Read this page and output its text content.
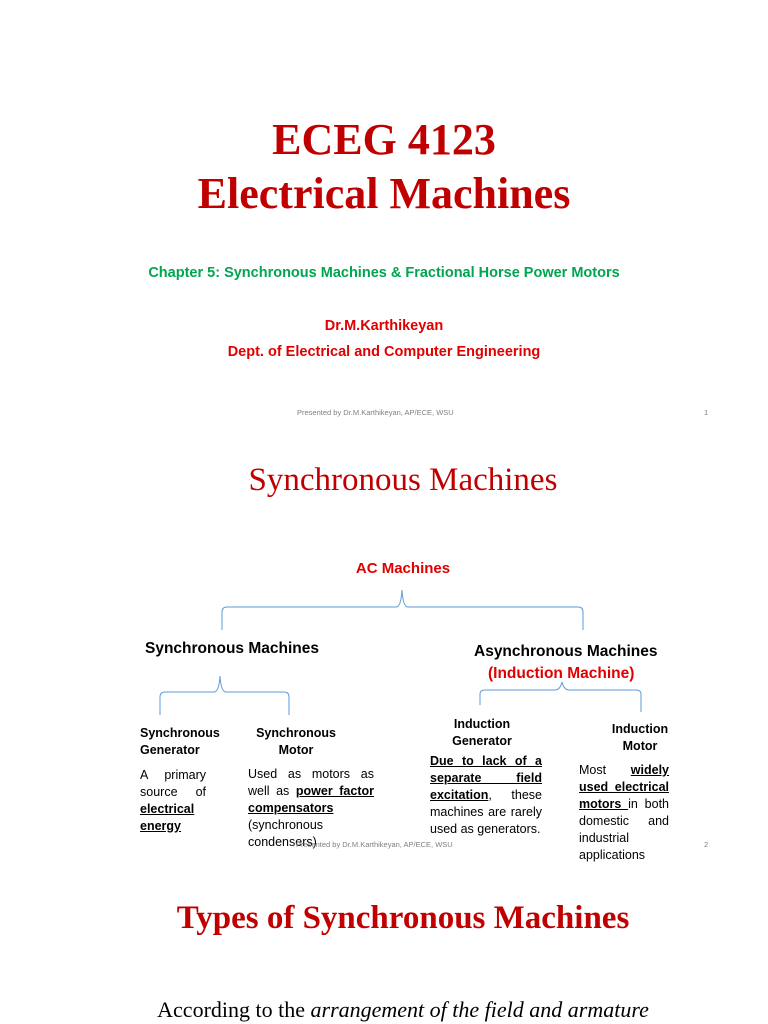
ECEG 4123
Electrical Machines
Chapter 5: Synchronous Machines & Fractional Horse Power Motors
Dr.M.Karthikeyan
Dept. of Electrical and Computer Engineering
Presented by Dr.M.Karthikeyan, AP/ECE, WSU	1
Synchronous Machines
AC Machines
Synchronous Machines	Asynchronous Machines
(Induction Machine)
Synchronous
Generator
A primary source of electrical energy
Synchronous
Motor
Used as motors as well as power factor compensators (synchronous condensers)
Induction
Generator
Due to lack of a separate field excitation, these machines are rarely used as generators.
Induction
Motor
Most widely used electrical motors in both domestic and industrial applications
Presented by Dr.M.Karthikeyan, AP/ECE, WSU	2
Types of Synchronous Machines
According to the arrangement of the field and armature
